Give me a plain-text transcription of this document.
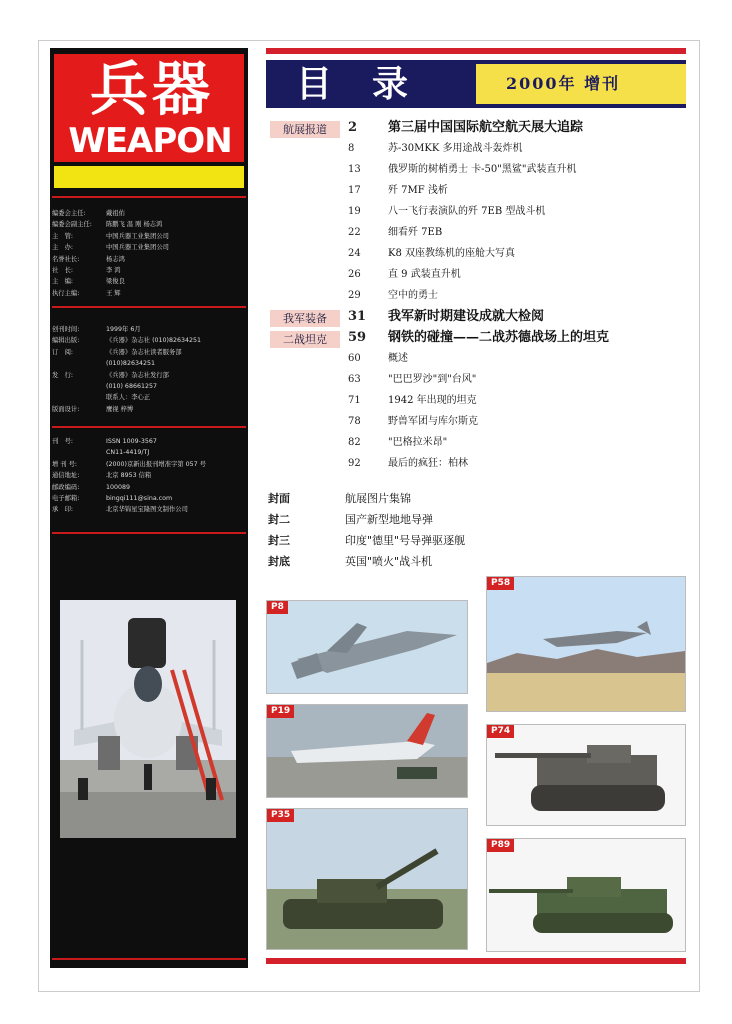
兵器
WEAPON
编委会主任:	戴祖佑
编委会副主任: 陈鹏飞 温 刚 杨志鸿
主　管:	中国兵器工业集团公司
主　办:	中国兵器工业集团公司
名誉社长:	杨志鸿
社　长:	李 鸿
主　编:	梁俊良
执行主编:	王 辉
创刊时间:	1999年 6月
编辑出版:	《兵器》杂志社 (010)82634251
订　阅:	《兵器》杂志社读者服务部
(010)82634251
发　行:	《兵器》杂志社发行部
(010) 68661257
联系人：李心正
版面设计:	鹰视 梓博
刊　号:	ISSN 1009-3567
CN11-4419/TJ
增 刊 号:	(2000)京新出报刊增准字第 057 号
通信地址:	北京 8953 信箱
邮政编码:	100089
电子邮箱:	bingqi111@sina.com
承　印:	北京华锦星宝隆图文制作公司
目录	2000年 增刊
航展报道	2 第三届中国国际航空航天展大追踪
8	苏-30MKK 多用途战斗轰炸机
13	俄罗斯的树梢勇士 卡-50"黑鲨"武装直升机
17	歼 7MF 浅析
19	八一飞行表演队的歼 7EB 型战斗机
22	细看歼 7EB
24	K8 双座教练机的座舱大写真
26	直 9 武装直升机
29	空中的勇士
我军装备	31 我军新时期建设成就大检阅
二战坦克	59 钢铁的碰撞——二战苏德战场上的坦克
60	概述
63	"巴巴罗沙"到"台风"
71	1942 年出现的坦克
78	野兽军团与库尔斯克
82	"巴格拉米昂"
92	最后的疯狂：柏林
封面	航展图片集锦
封二	国产新型地地导弹
封三	印度"德里"号导弹驱逐舰
封底	英国"喷火"战斗机
P8
P58
P19
P74
P35
P89
